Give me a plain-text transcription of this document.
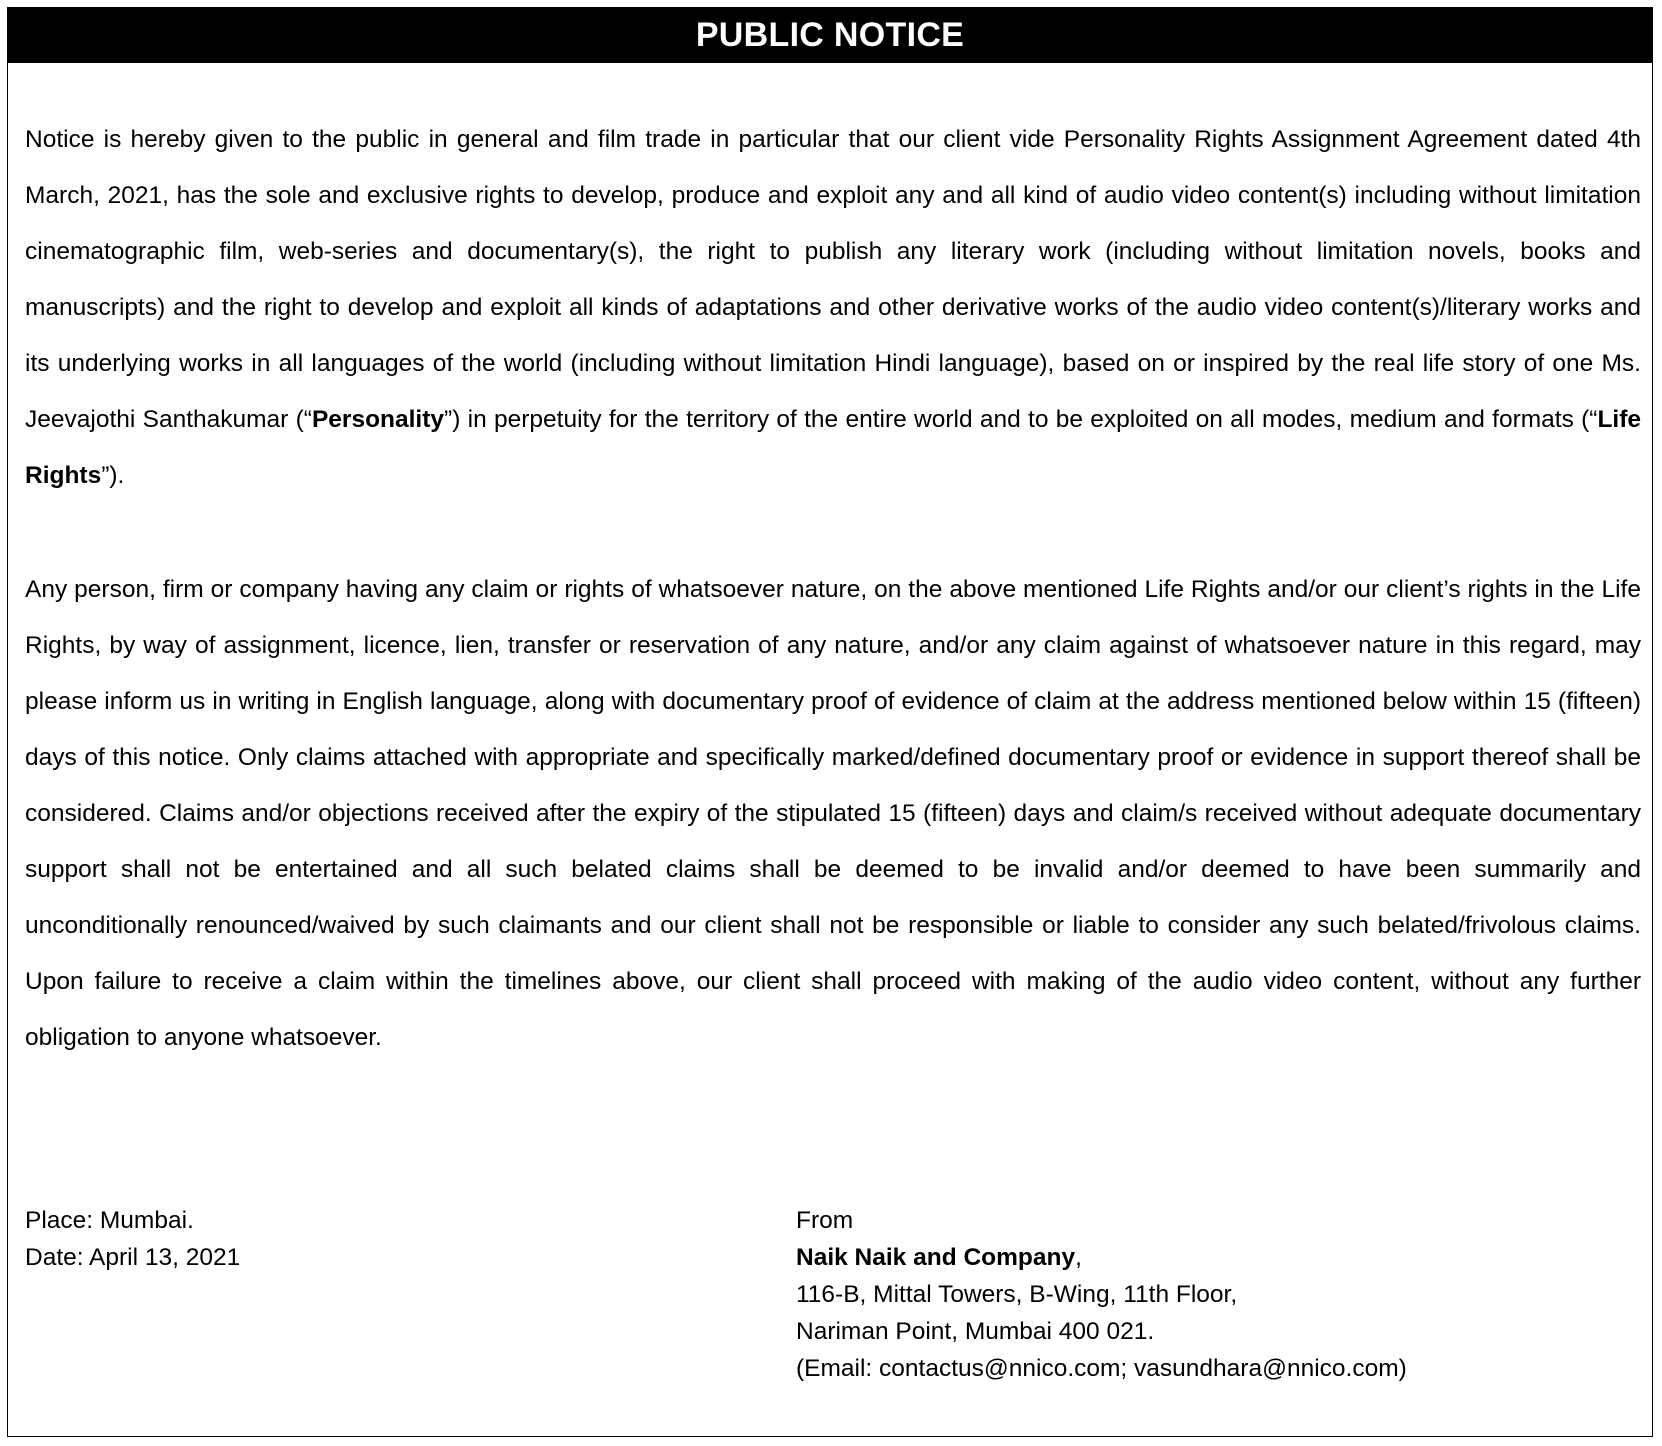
PUBLIC NOTICE

Notice is hereby given to the public in general and film trade in particular that our client vide Personality Rights Assignment Agreement dated 4th March, 2021, has the sole and exclusive rights to develop, produce and exploit any and all kind of audio video content(s) including without limitation cinematographic film, web-series and documentary(s), the right to publish any literary work (including without limitation novels, books and manuscripts) and the right to develop and exploit all kinds of adaptations and other derivative works of the audio video content(s)/literary works and its underlying works in all languages of the world (including without limitation Hindi language), based on or inspired by the real life story of one Ms. Jeevajothi Santhakumar (“Personality”) in perpetuity for the territory of the entire world and to be exploited on all modes, medium and formats (“Life Rights”).

Any person, firm or company having any claim or rights of whatsoever nature, on the above mentioned Life Rights and/or our client’s rights in the Life Rights, by way of assignment, licence, lien, transfer or reservation of any nature, and/or any claim against of whatsoever nature in this regard, may please inform us in writing in English language, along with documentary proof of evidence of claim at the address mentioned below within 15 (fifteen) days of this notice. Only claims attached with appropriate and specifically marked/defined documentary proof or evidence in support thereof shall be considered. Claims and/or objections received after the expiry of the stipulated 15 (fifteen) days and claim/s received without adequate documentary support shall not be entertained and all such belated claims shall be deemed to be invalid and/or deemed to have been summarily and unconditionally renounced/waived by such claimants and our client shall not be responsible or liable to consider any such belated/frivolous claims. Upon failure to receive a claim within the timelines above, our client shall proceed with making of the audio video content, without any further obligation to anyone whatsoever.

Place: Mumbai.
Date: April 13, 2021
From
Naik Naik and Company,
116-B, Mittal Towers, B-Wing, 11th Floor,
Nariman Point, Mumbai 400 021.
(Email: contactus@nnico.com; vasundhara@nnico.com)
